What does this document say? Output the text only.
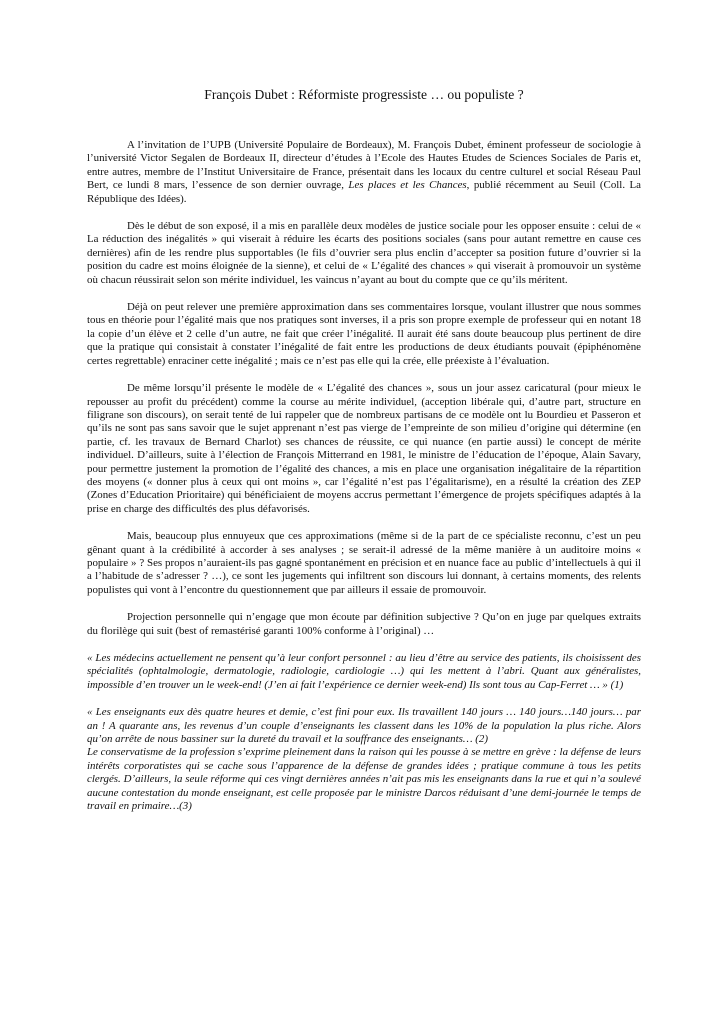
François Dubet : Réformiste progressiste … ou populiste ?

A l’invitation de l’UPB (Université Populaire de Bordeaux), M. François Dubet, éminent professeur de sociologie à l’université Victor Segalen de Bordeaux II, directeur d’études à l’Ecole des Hautes Etudes de Sciences Sociales de Paris et, entre autres, membre de l’Institut Universitaire de France, présentait dans les locaux du centre culturel et social Réseau Paul Bert, ce lundi 8 mars, l’essence de son dernier ouvrage, Les places et les Chances, publié récemment au Seuil (Coll. La République des Idées).

Dès le début de son exposé, il a mis en parallèle deux modèles de justice sociale pour les opposer ensuite : celui de « La réduction des inégalités » qui viserait à réduire les écarts des positions sociales (sans pour autant remettre en cause ces dernières) afin de les rendre plus supportables (le fils d’ouvrier sera plus enclin d’accepter sa position future d’ouvrier si la position du cadre est moins éloignée de la sienne), et celui de « L’égalité des chances » qui viserait à promouvoir un système où chacun réussirait selon son mérite individuel, les vaincus n’ayant au bout du compte que ce qu’ils méritent.

Déjà on peut relever une première approximation dans ses commentaires lorsque, voulant illustrer que nous sommes tous en théorie pour l’égalité mais que nos pratiques sont inverses, il a pris son propre exemple de professeur qui en notant 18 la copie d’un élève et 2 celle d’un autre, ne fait que créer l’inégalité. Il aurait été sans doute beaucoup plus pertinent de dire que la pratique qui consistait à constater l’inégalité de fait entre les productions de deux étudiants pouvait (épiphénomène certes regrettable) enraciner cette inégalité ; mais ce n’est pas elle qui la crée, elle préexiste à l’évaluation.

De même lorsqu’il présente le modèle de « L’égalité des chances », sous un jour assez caricatural (pour mieux le repousser au profit du précédent) comme la course au mérite individuel, (acception libérale qui, d’autre part, structure en filigrane son discours), on serait tenté de lui rappeler que de nombreux partisans de ce modèle ont lu Bourdieu et Passeron et qu’ils ne sont pas sans savoir que le sujet apprenant n’est pas vierge de l’empreinte de son milieu d’origine qui détermine (en partie, cf. les travaux de Bernard Charlot) ses chances de réussite, ce qui nuance (en partie aussi) le concept de mérite individuel. D’ailleurs, suite à l’élection de François Mitterrand en 1981, le ministre de l’éducation de l’époque, Alain Savary, pour permettre justement la promotion de l’égalité des chances, a mis en place une organisation inégalitaire de la répartition des moyens (« donner plus à ceux qui ont moins », car l’égalité n’est pas l’égalitarisme), en a résulté la création des ZEP (Zones d’Education Prioritaire) qui bénéficiaient de moyens accrus permettant l’émergence de projets spécifiques adaptés à la prise en charge des difficultés des plus défavorisés.

Mais, beaucoup plus ennuyeux que ces approximations (même si de la part de ce spécialiste reconnu, c’est un peu gênant quant à la crédibilité à accorder à ses analyses ; se serait-il adressé de la même manière à un auditoire moins « populaire » ? Ses propos n’auraient-ils pas gagné spontanément en précision et en nuance face au public d’intellectuels à qui il a l’habitude de s’adresser ? …), ce sont les jugements qui infiltrent son discours lui donnant, à certains moments, des relents populistes qui vont à l’encontre du questionnement que par ailleurs il essaie de promouvoir.

Projection personnelle qui n’engage que mon écoute par définition subjective ? Qu’on en juge par quelques extraits du florilège qui suit (best of remastérisé garanti 100% conforme à l’original) …

« Les médecins actuellement ne pensent qu’à leur confort personnel : au lieu d’être au service des patients, ils choisissent des spécialités (ophtalmologie, dermatologie, radiologie, cardiologie …) qui les mettent à l’abri. Quant aux généralistes, impossible d’en trouver un le week-end! (J’en ai fait l’expérience ce dernier week-end) Ils sont tous au Cap-Ferret … » (1)

« Les enseignants eux dès quatre heures et demie, c’est fini pour eux. Ils travaillent 140 jours … 140 jours…140 jours… par an ! A quarante ans, les revenus d’un couple d’enseignants les classent dans les 10% de la population la plus riche. Alors qu’on arrête de nous bassiner sur la dureté du travail et la souffrance des enseignants… (2)

Le conservatisme de la profession s’exprime pleinement dans la raison qui les pousse à se mettre en grève : la défense de leurs intérêts corporatistes qui se cache sous l’apparence de la défense de grandes idées ; pratique commune à tous les petits clergés. D’ailleurs, la seule réforme qui ces vingt dernières années n’ait pas mis les enseignants dans la rue et qui n’a soulevé aucune contestation du monde enseignant, est celle proposée par le ministre Darcos réduisant d’une demi-journée le temps de travail en primaire…(3)
